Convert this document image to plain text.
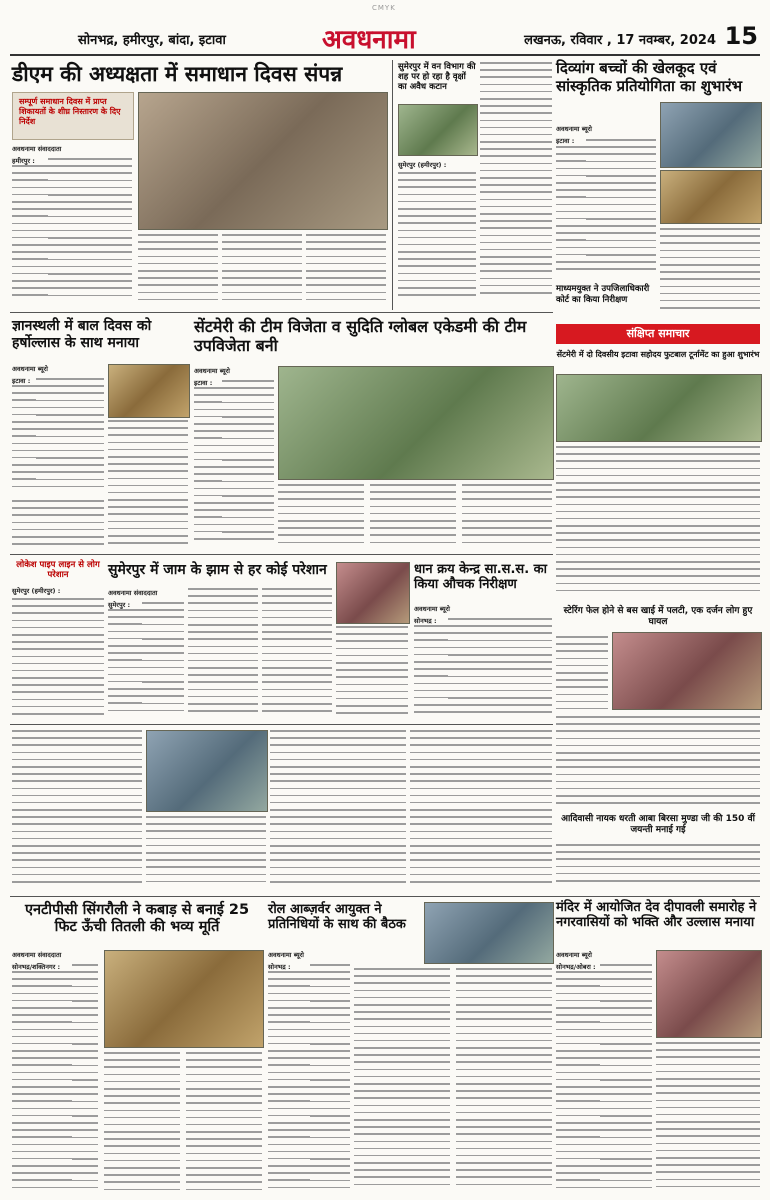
CMYK
सोनभद्र, हमीरपुर, बांदा, इटावा	अवधनामा	लखनऊ, रविवार , 17 नवम्बर, 2024 15
डीएम की अध्यक्षता में समाधान दिवस संपन्न
सम्पूर्ण समाधान दिवस में प्राप्त शिकायतों के शीघ्र निस्तारण के दिए निर्देश
अवधनामा संवाददाता
हमीरपुर :
सुमेरपुर में वन विभाग की शह पर हो रहा है वृक्षों का अवैध कटान
सुमेरपुर (हमीरपुर) :
दिव्यांग बच्चों की खेलकूद एवं सांस्कृतिक प्रतियोगिता का शुभारंभ
अवधनामा ब्यूरो
इटावा :
माध्यमयुक्त ने उपजिलाधिकारी कोर्ट का किया निरीक्षण
संक्षिप्त समाचार
सेंटमेरी में दो दिवसीय इटावा सहोदय फुटबाल टूर्नामेंट का हुआ शुभारंभ
स्टेरिंग फेल होने से बस खाई में पलटी, एक दर्जन लोग हुए घायल
आदिवासी नायक धरती आबा बिरसा मुण्डा जी की 150 वीं जयन्ती मनाई गई
ज्ञानस्थली में बाल दिवस को हर्षोल्लास के साथ मनाया
अवधनामा ब्यूरो
इटावा :
सेंटमेरी की टीम विजेता व सुदिति ग्लोबल एकेडमी की टीम उपविजेता बनी
अवधनामा ब्यूरो
इटावा :
लोकेश पाइप लाइन से लोग परेशान
सुमेरपुर (हमीरपुर) :
सुमेरपुर में जाम के झाम से हर कोई परेशान
अवधनामा संवाददाता
सुमेरपुर :
धान क्रय केन्द्र सा.स.स. का किया औचक निरीक्षण
अवधनामा ब्यूरो
सोनभद्र :
एनटीपीसी सिंगरौली ने कबाड़ से बनाई 25 फिट ऊँची तितली की भव्य मूर्ति
अवधनामा संवाददाता
सोनभद्र/शक्तिनगर :
रोल आब्ज़र्वर आयुक्त ने प्रतिनिधियों के साथ की बैठक
अवधनामा ब्यूरो
सोनभद्र :
मंदिर में आयोजित देव दीपावली समारोह ने नगरवासियों को भक्ति और उल्लास मनाया
अवधनामा ब्यूरो
सोनभद्र/ओबरा :
